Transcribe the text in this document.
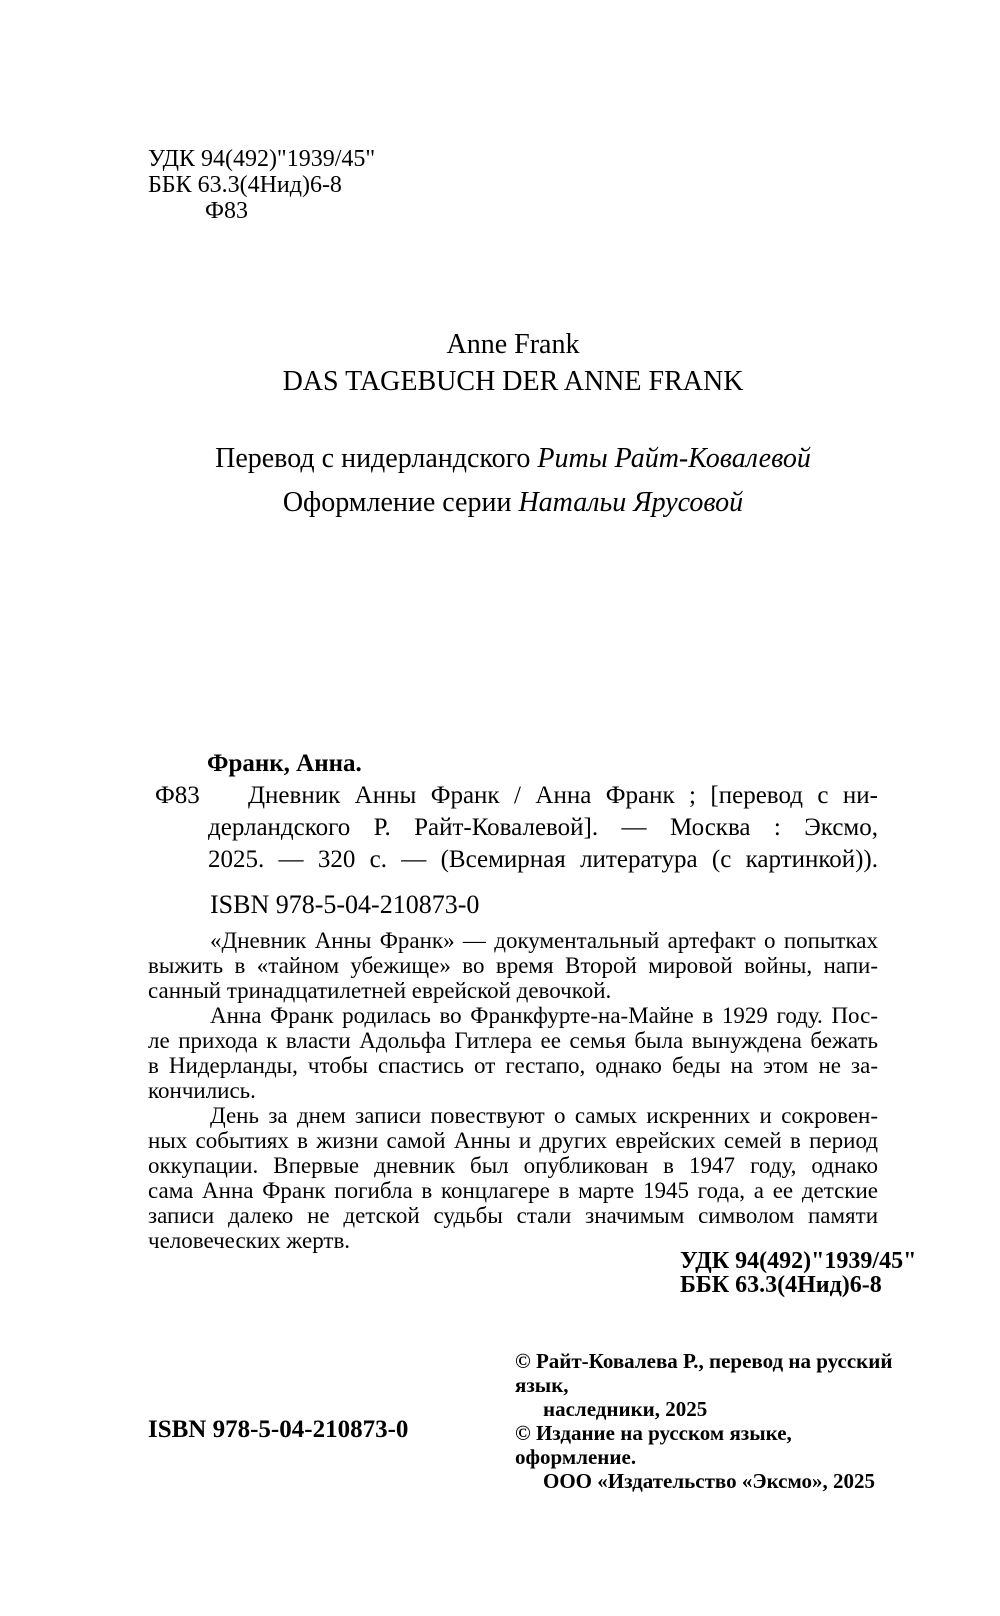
УДК 94(492)"1939/45"
ББК 63.3(4Нид)6-8
Ф83
Anne Frank
DAS TAGEBUCH DER ANNE FRANK
Перевод с нидерландского Риты Райт-Ковалевой
Оформление серии Натальи Ярусовой
Франк, Анна.
Ф83 Дневник Анны Франк / Анна Франк ; [перевод с ни-
дерландского Р. Райт-Ковалевой]. — Москва : Эксмо,
2025. — 320 с. — (Всемирная литература (с картинкой)).
ISBN 978-5-04-210873-0
«Дневник Анны Франк» — документальный артефакт о попытках
выжить в «тайном убежище» во время Второй мировой войны, напи-
санный тринадцатилетней еврейской девочкой.
Анна Франк родилась во Франкфурте-на-Майне в 1929 году. Пос-
ле прихода к власти Адольфа Гитлера ее семья была вынуждена бежать
в Нидерланды, чтобы спастись от гестапо, однако беды на этом не за-
кончились.
День за днем записи повествуют о самых искренних и сокровен-
ных событиях в жизни самой Анны и других еврейских семей в период
оккупации. Впервые дневник был опубликован в 1947 году, однако
сама Анна Франк погибла в концлагере в марте 1945 года, а ее детские
записи далеко не детской судьбы стали значимым символом памяти
человеческих жертв.
УДК 94(492)"1939/45"
ББК 63.3(4Нид)6-8
© Райт-Ковалева Р., перевод на русский язык,
наследники, 2025
© Издание на русском языке, оформление.
ООО «Издательство «Эксмо», 2025
ISBN 978-5-04-210873-0
